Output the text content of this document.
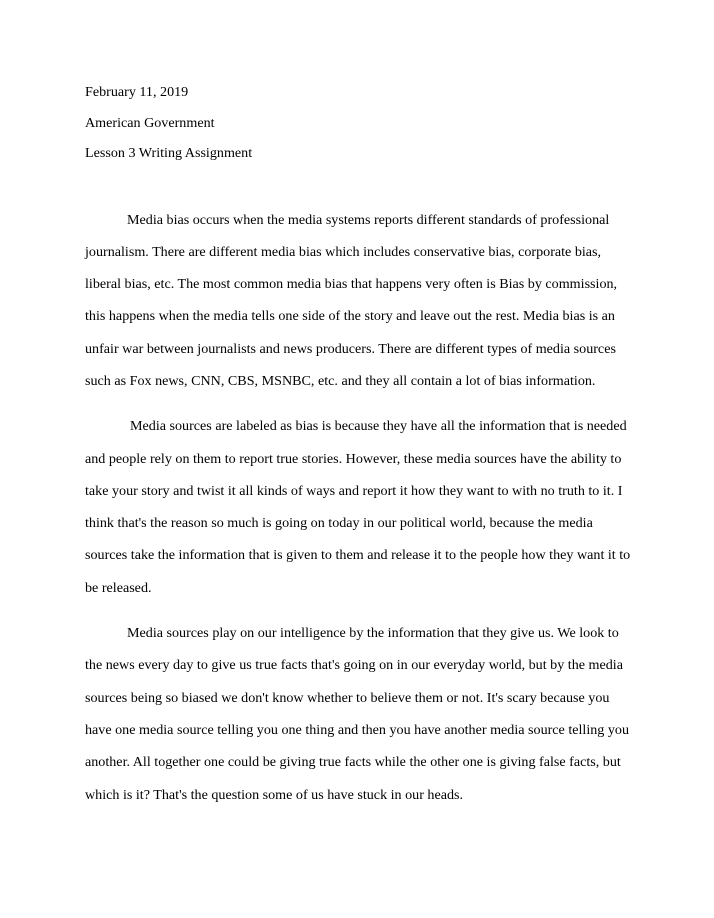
February 11, 2019

American Government

Lesson 3 Writing Assignment

Media bias occurs when the media systems reports different standards of professional journalism. There are different media bias which includes conservative bias, corporate bias, liberal bias, etc. The most common media bias that happens very often is Bias by commission, this happens when the media tells one side of the story and leave out the rest. Media bias is an unfair war between journalists and news producers. There are different types of media sources such as Fox news, CNN, CBS, MSNBC, etc. and they all contain a lot of bias information.

Media sources are labeled as bias is because they have all the information that is needed and people rely on them to report true stories. However, these media sources have the ability to take your story and twist it all kinds of ways and report it how they want to with no truth to it. I think that's the reason so much is going on today in our political world, because the media sources take the information that is given to them and release it to the people how they want it to be released.

Media sources play on our intelligence by the information that they give us. We look to the news every day to give us true facts that's going on in our everyday world, but by the media sources being so biased we don't know whether to believe them or not. It's scary because you have one media source telling you one thing and then you have another media source telling you another. All together one could be giving true facts while the other one is giving false facts, but which is it? That's the question some of us have stuck in our heads.
